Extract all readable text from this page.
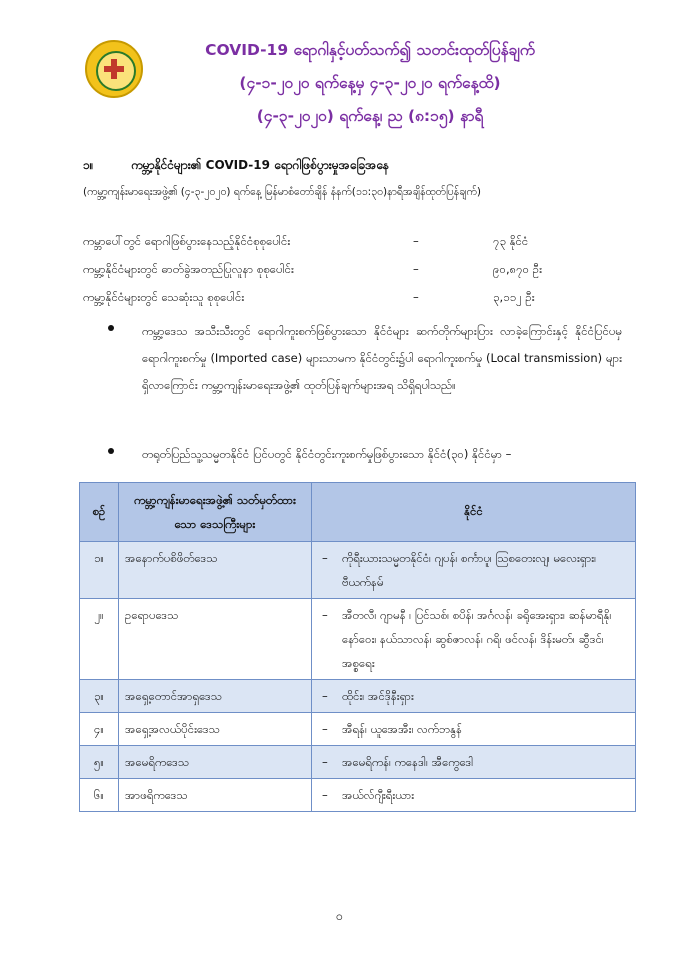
COVID-19 ရောဂါနှင့်ပတ်သက်၍ သတင်းထုတ်ပြန်ချက်
(၄-၁-၂၀၂၀ ရက်နေ့မှ ၄-၃-၂၀၂၀ ရက်နေ့ထိ)
(၄-၃-၂၀၂၀) ရက်နေ့၊ ည (၈:၁၅) နာရီ
၁။	ကမ္ဘာ့နိုင်ငံများ၏ COVID-19 ရောဂါဖြစ်ပွားမှုအခြေအနေ
(ကမ္ဘာ့ကျန်းမာရေးအဖွဲ့၏ (၄-၃-၂၀၂၀) ရက်နေ့ မြန်မာစံတော်ချိန် နံနက်(၁၁:၃၀)နာရီအချိန်ထုတ်ပြန်ချက်)
ကမ္ဘာပေါ်တွင် ရောဂါဖြစ်ပွားနေသည့်နိုင်ငံစုစုပေါင်း	–	၇၃ နိုင်ငံ
ကမ္ဘာ့နိုင်ငံများတွင် ဓာတ်ခွဲအတည်ပြုလူနာ စုစုပေါင်း	–	၉၀,၈၇၀ ဦး
ကမ္ဘာ့နိုင်ငံများတွင် သေဆုံးသူ စုစုပေါင်း	–	၃,၁၁၂ ဦး
ကမ္ဘာ့ဒေသ အသီးသီးတွင် ရောဂါကူးစက်ဖြစ်ပွားသော နိုင်ငံများ ဆက်တိုက်များပြား လာခဲ့ကြောင်းနှင့် နိုင်ငံပြင်ပမှ ရောဂါကူးစက်မှု (Imported case) များသာမက နိုင်ငံတွင်း၌ပါ ရောဂါကူးစက်မှု (Local transmission) များရှိလာကြောင်း ကမ္ဘာ့ကျန်းမာရေးအဖွဲ့၏ ထုတ်ပြန်ချက်များအရ သိရှိရပါသည်။
တရုတ်ပြည်သူ့သမ္မတနိုင်ငံ ပြင်ပတွင် နိုင်ငံတွင်းကူးစက်မှုဖြစ်ပွားသော နိုင်ငံ(၃၀) နိုင်ငံမှာ –
စဉ်	ကမ္ဘာ့ကျန်းမာရေးအဖွဲ့၏ သတ်မှတ်ထားသော ဒေသကြီးများ	နိုင်ငံ
၁။	အနောက်ပစိဖိတ်ဒေသ	– ကိုရီးယားသမ္မတနိုင်ငံ၊ ဂျပန်၊ စင်္ကာပူ၊ ဩစတေးလျ၊ မလေးရှား၊ ဗီယက်နမ်
၂။	ဥရောပဒေသ	– အီတလီ၊ ဂျာမနီ ၊ ပြင်သစ်၊ စပိန်၊ အင်္ဂလန်၊ ခရိုအေးရှား၊ ဆန်မာရီနို၊ နော်ဝေး၊ နယ်သာလန်၊ ဆွစ်ဇာလန်၊ ဂရိ၊ ဖင်လန်၊ ဒိန်းမတ်၊ ဆွီဒင်၊ အစ္စရေး
၃။	အရှေ့တောင်အာရှဒေသ	– ထိုင်း၊ အင်ဒိုနီးရှား
၄။	အရှေ့အလယ်ပိုင်းဒေသ	– အီရန်၊ ယူအေအီး၊ လက်ဘနွန်
၅။	အမေရိကဒေသ	– အမေရိကန်၊ ကနေဒါ၊ အီကွေဒေါ
၆။	အာဖရိကဒေသ	– အယ်လ်ဂျီးရီးယား
၀
